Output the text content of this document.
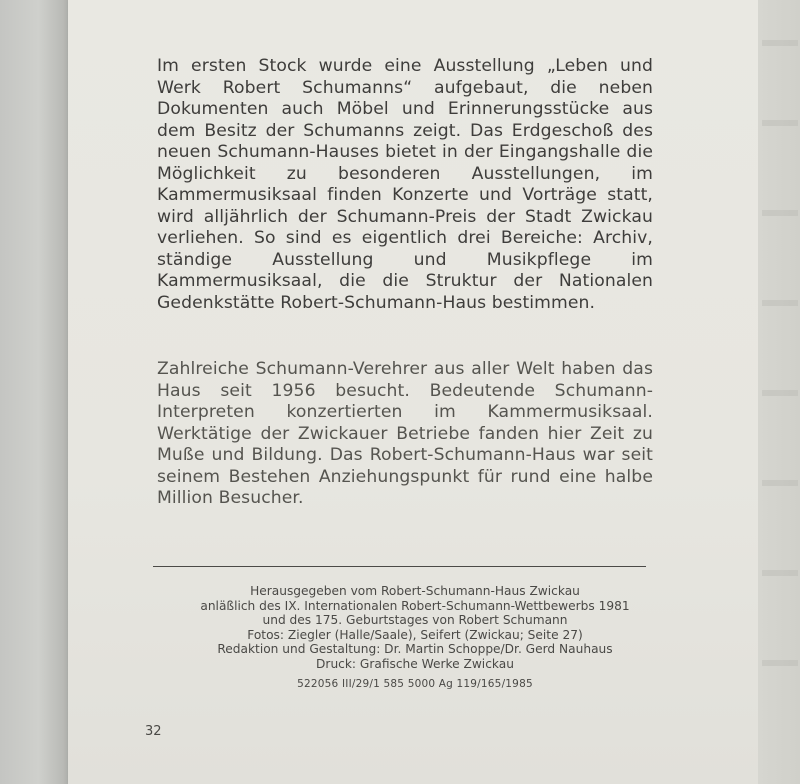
Im ersten Stock wurde eine Ausstellung „Leben und Werk Robert Schumanns“ aufgebaut, die neben Dokumenten auch Möbel und Erinnerungsstücke aus dem Besitz der Schumanns zeigt. Das Erdgeschoß des neuen Schumann-Hauses bietet in der Eingangshalle die Möglichkeit zu besonderen Ausstellungen, im Kammermusiksaal finden Konzerte und Vorträge statt, wird alljährlich der Schumann-Preis der Stadt Zwickau verliehen. So sind es eigentlich drei Bereiche: Archiv, ständige Ausstellung und Musikpflege im Kammermusiksaal, die die Struktur der Nationalen Gedenkstätte Robert-Schumann-Haus bestimmen.

Zahlreiche Schumann-Verehrer aus aller Welt haben das Haus seit 1956 besucht. Bedeutende Schumann-Interpreten konzertierten im Kammermusiksaal. Werktätige der Zwickauer Betriebe fanden hier Zeit zu Muße und Bildung. Das Robert-Schumann-Haus war seit seinem Bestehen Anziehungspunkt für rund eine halbe Million Besucher.

Herausgegeben vom Robert-Schumann-Haus Zwickau
anläßlich des IX. Internationalen Robert-Schumann-Wettbewerbs 1981
und des 175. Geburtstages von Robert Schumann
Fotos: Ziegler (Halle/Saale), Seifert (Zwickau; Seite 27)
Redaktion und Gestaltung: Dr. Martin Schoppe/Dr. Gerd Nauhaus
Druck: Grafische Werke Zwickau
522056 III/29/1 585 5000 Ag 119/165/1985
32
